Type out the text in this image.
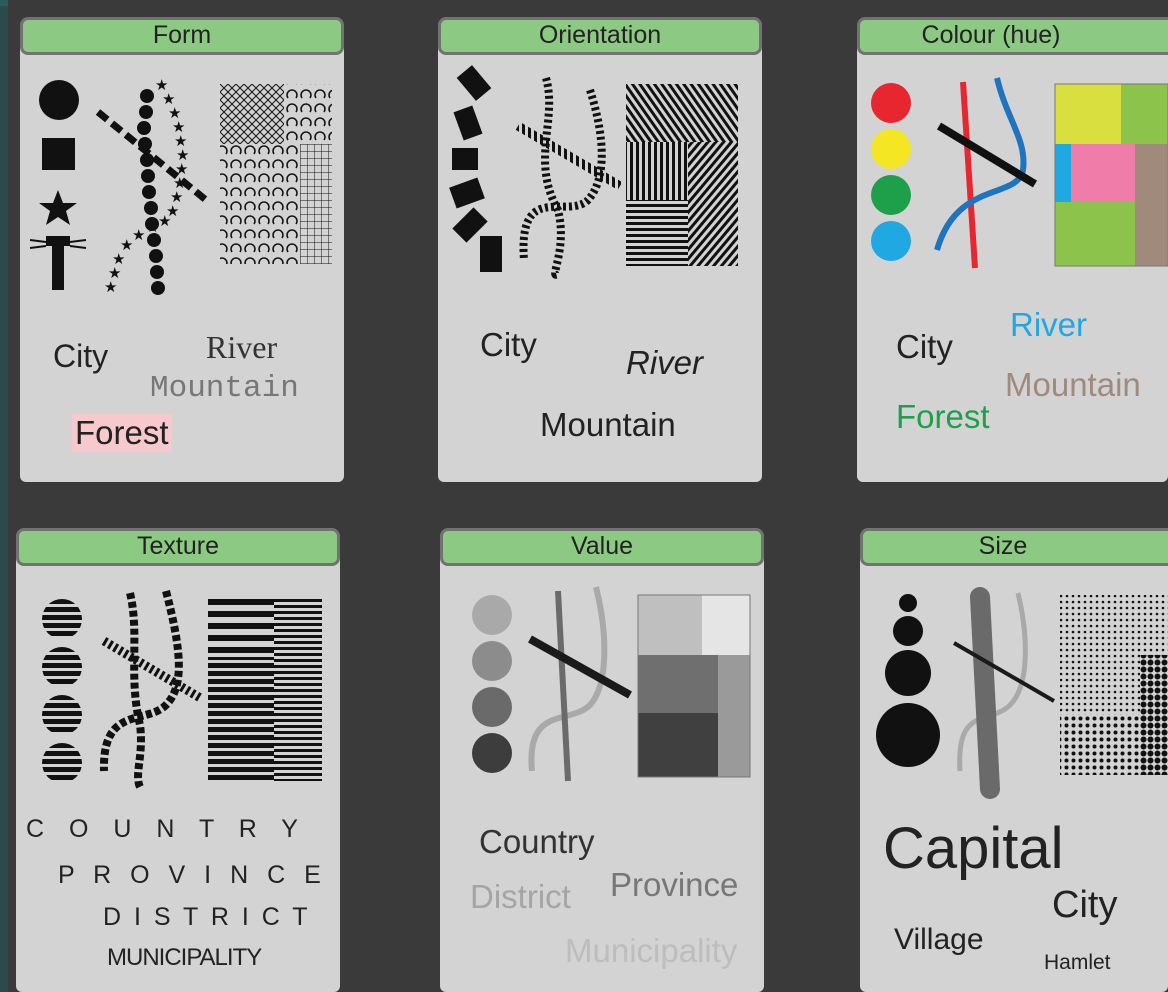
Form
★
★
★
★
★
★
★
★
★
★
★
★
★
★
★
★
★
City	River
Mountain
Forest
Orientation
City	River
Mountain
Colour (hue)
City
River
Mountain
Forest
Texture
C O U N T R Y
P R O V I N C E
D I S T R I C T
MUNICIPALITY
Value
Country
Province
District
Municipality
Size
Capital
City
Village
Hamlet
